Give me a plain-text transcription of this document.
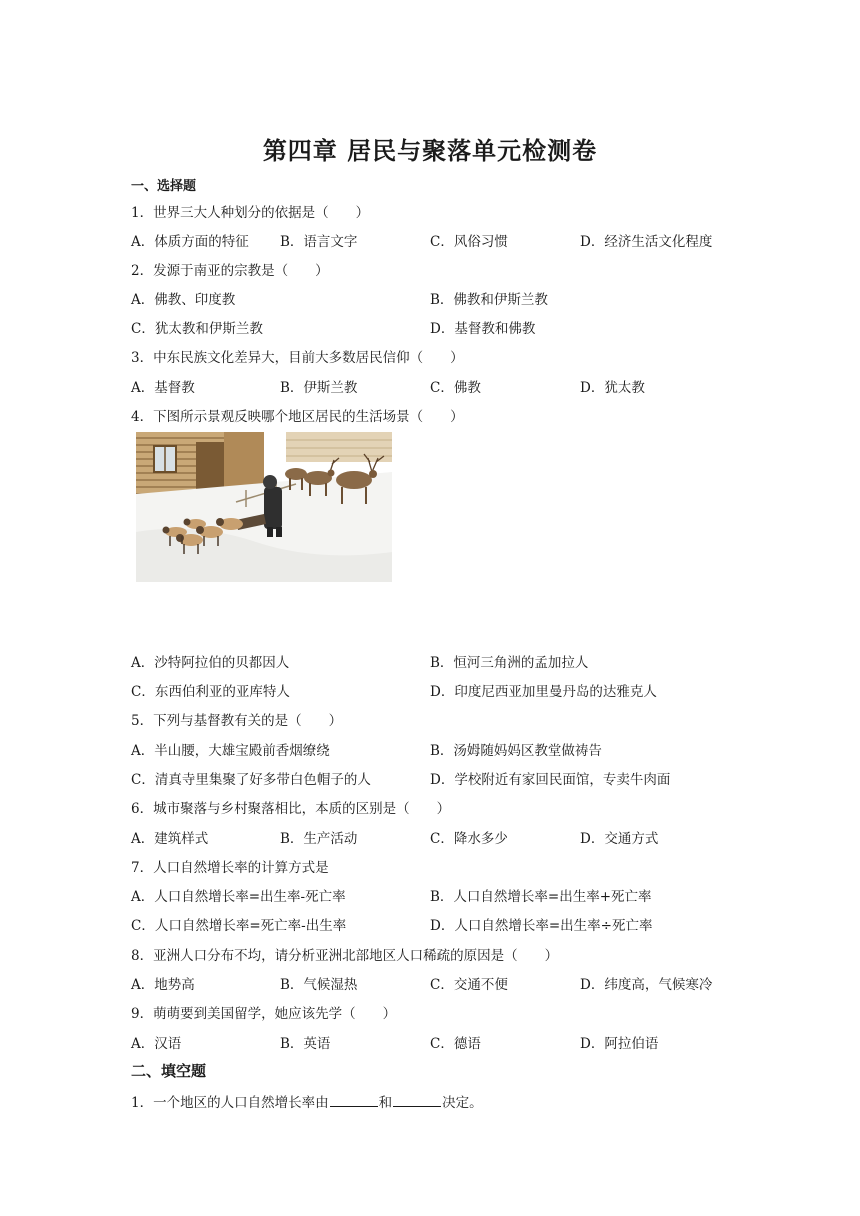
第四章 居民与聚落单元检测卷
一、选择题
1．世界三大人种划分的依据是（　　）
A．体质方面的特征 B．语言文字	C．风俗习惯	D．经济生活文化程度
2．发源于南亚的宗教是（　　）
A．佛教、印度教	B．佛教和伊斯兰教
C．犹太教和伊斯兰教	D．基督教和佛教
3．中东民族文化差异大，目前大多数居民信仰（　　）
A．基督教	B．伊斯兰教	C．佛教	D．犹太教
4．下图所示景观反映哪个地区居民的生活场景（　　）
A．沙特阿拉伯的贝都因人	B．恒河三角洲的孟加拉人
C．东西伯利亚的亚库特人	D．印度尼西亚加里曼丹岛的达雅克人
5．下列与基督教有关的是（　　）
A．半山腰，大雄宝殿前香烟缭绕	B．汤姆随妈妈区教堂做祷告
C．清真寺里集聚了好多带白色帽子的人	D．学校附近有家回民面馆，专卖牛肉面
6．城市聚落与乡村聚落相比，本质的区别是（　　）
A．建筑样式	B．生产活动	C．降水多少	D．交通方式
7．人口自然增长率的计算方式是
A．人口自然增长率=出生率-死亡率	B．人口自然增长率=出生率+死亡率
C．人口自然增长率=死亡率-出生率	D．人口自然增长率=出生率÷死亡率
8．亚洲人口分布不均，请分析亚洲北部地区人口稀疏的原因是（　　）
A．地势高	B．气候湿热	C．交通不便	D．纬度高，气候寒冷
9．萌萌要到美国留学，她应该先学（　　）
A．汉语	B．英语	C．德语	D．阿拉伯语
二、填空题
1．一个地区的人口自然增长率由	和	决定。
